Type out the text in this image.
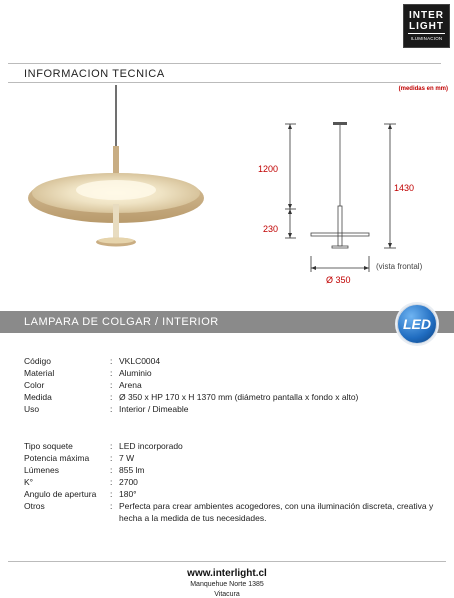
INTER
LIGHT
ILUMINACION
INFORMACION TECNICA
(medidas en mm)
1200
230
1430
Ø 350
(vista frontal)
LAMPARA DE COLGAR / INTERIOR	LED
Código	:	VKLC0004
Material	:	Aluminio
Color	:	Arena
Medida	:	Ø 350 x HP 170 x H 1370 mm (diámetro pantalla x fondo x alto)
Uso	:	Interior / Dimeable
Tipo soquete	:	LED incorporado
Potencia máxima	:	7 W
Lúmenes	:	855 lm
K°	:	2700
Angulo de apertura	:	180°
Otros	:	Perfecta para crear ambientes acogedores, con una iluminación discreta, creativa y hecha a la medida de tus necesidades.
www.interlight.cl
Manquehue Norte 1385
Vitacura
